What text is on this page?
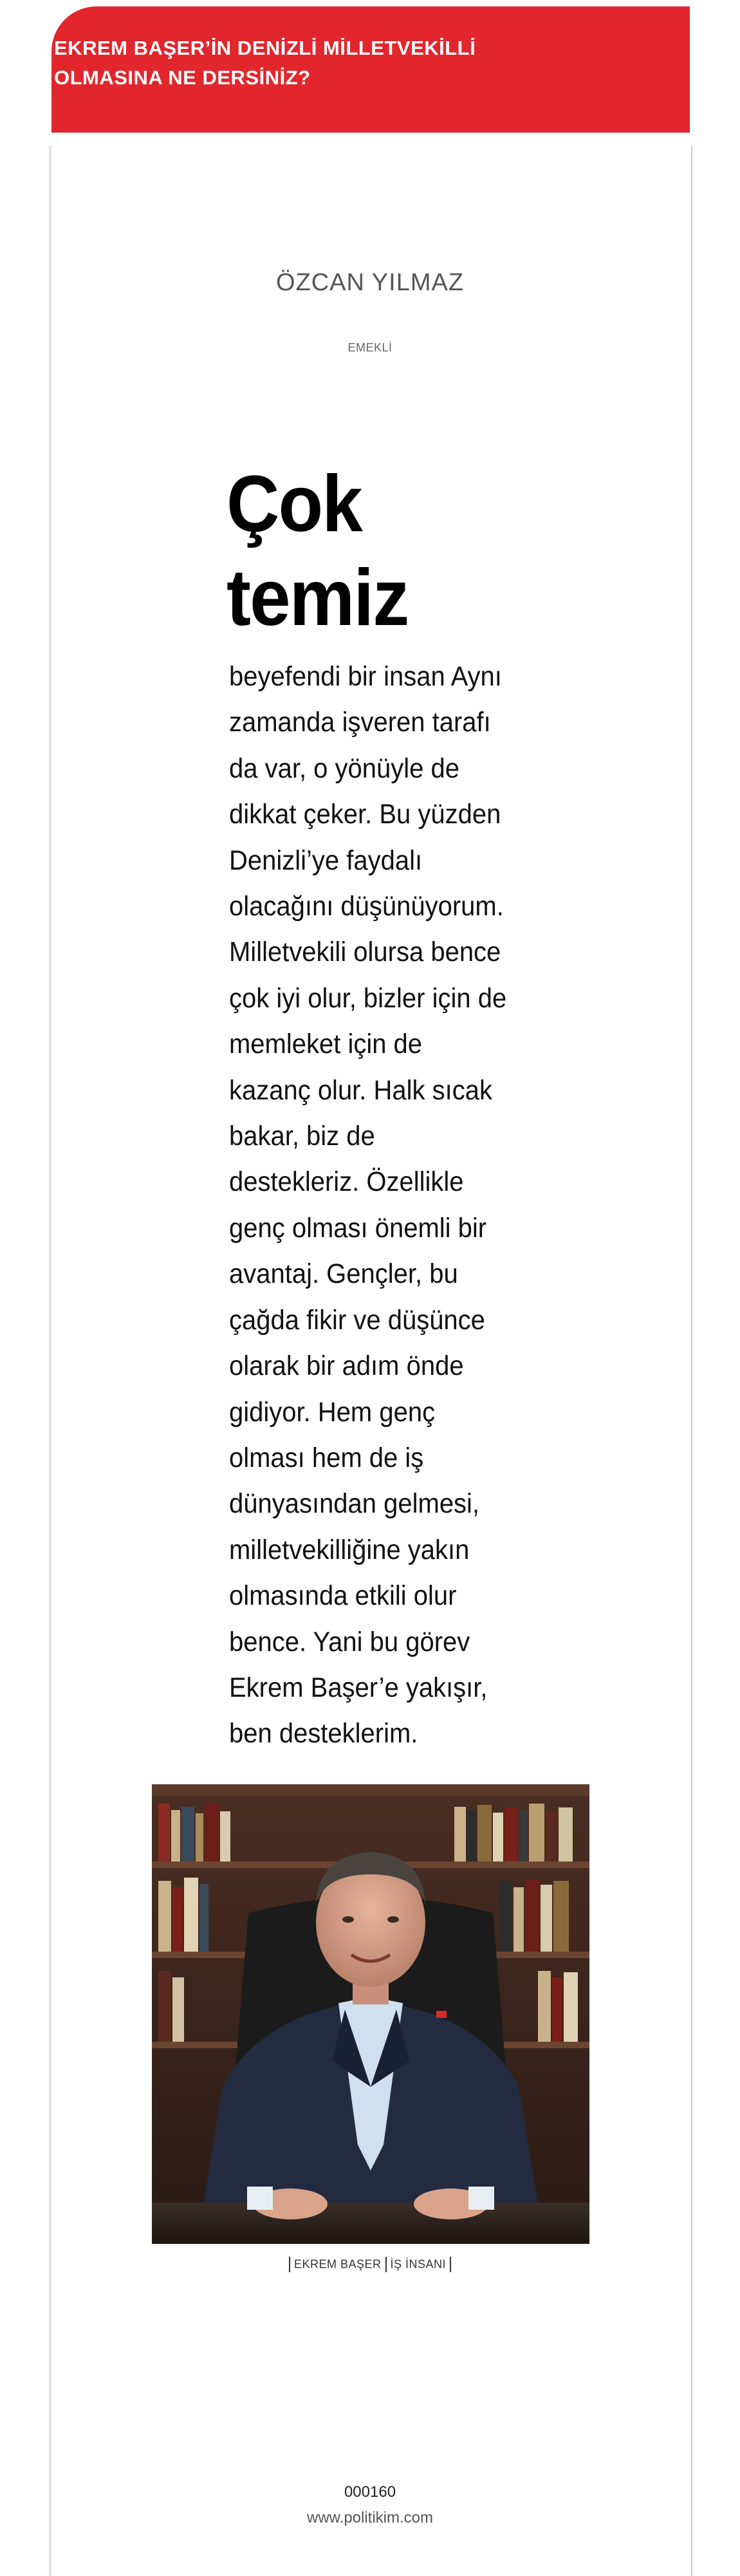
EKREM BAŞER’İN DENİZLİ MİLLETVEKİLLİ
OLMASINA NE DERSİNİZ?
ÖZCAN YILMAZ
EMEKLİ
Çok
temiz
beyefendi bir insan Aynı
zamanda işveren tarafı
da var, o yönüyle de
dikkat çeker. Bu yüzden
Denizli’ye faydalı
olacağını düşünüyorum.
Milletvekili olursa bence
çok iyi olur, bizler için de
memleket için de
kazanç olur. Halk sıcak
bakar, biz de
destekleriz. Özellikle
genç olması önemli bir
avantaj. Gençler, bu
çağda fikir ve düşünce
olarak bir adım önde
gidiyor. Hem genç
olması hem de iş
dünyasından gelmesi,
milletvekilliğine yakın
olmasında etkili olur
bence. Yani bu görev
Ekrem Başer’e yakışır,
ben desteklerim.
EKREM BAŞER İŞ İNSANI
000160
www.politikim.com
